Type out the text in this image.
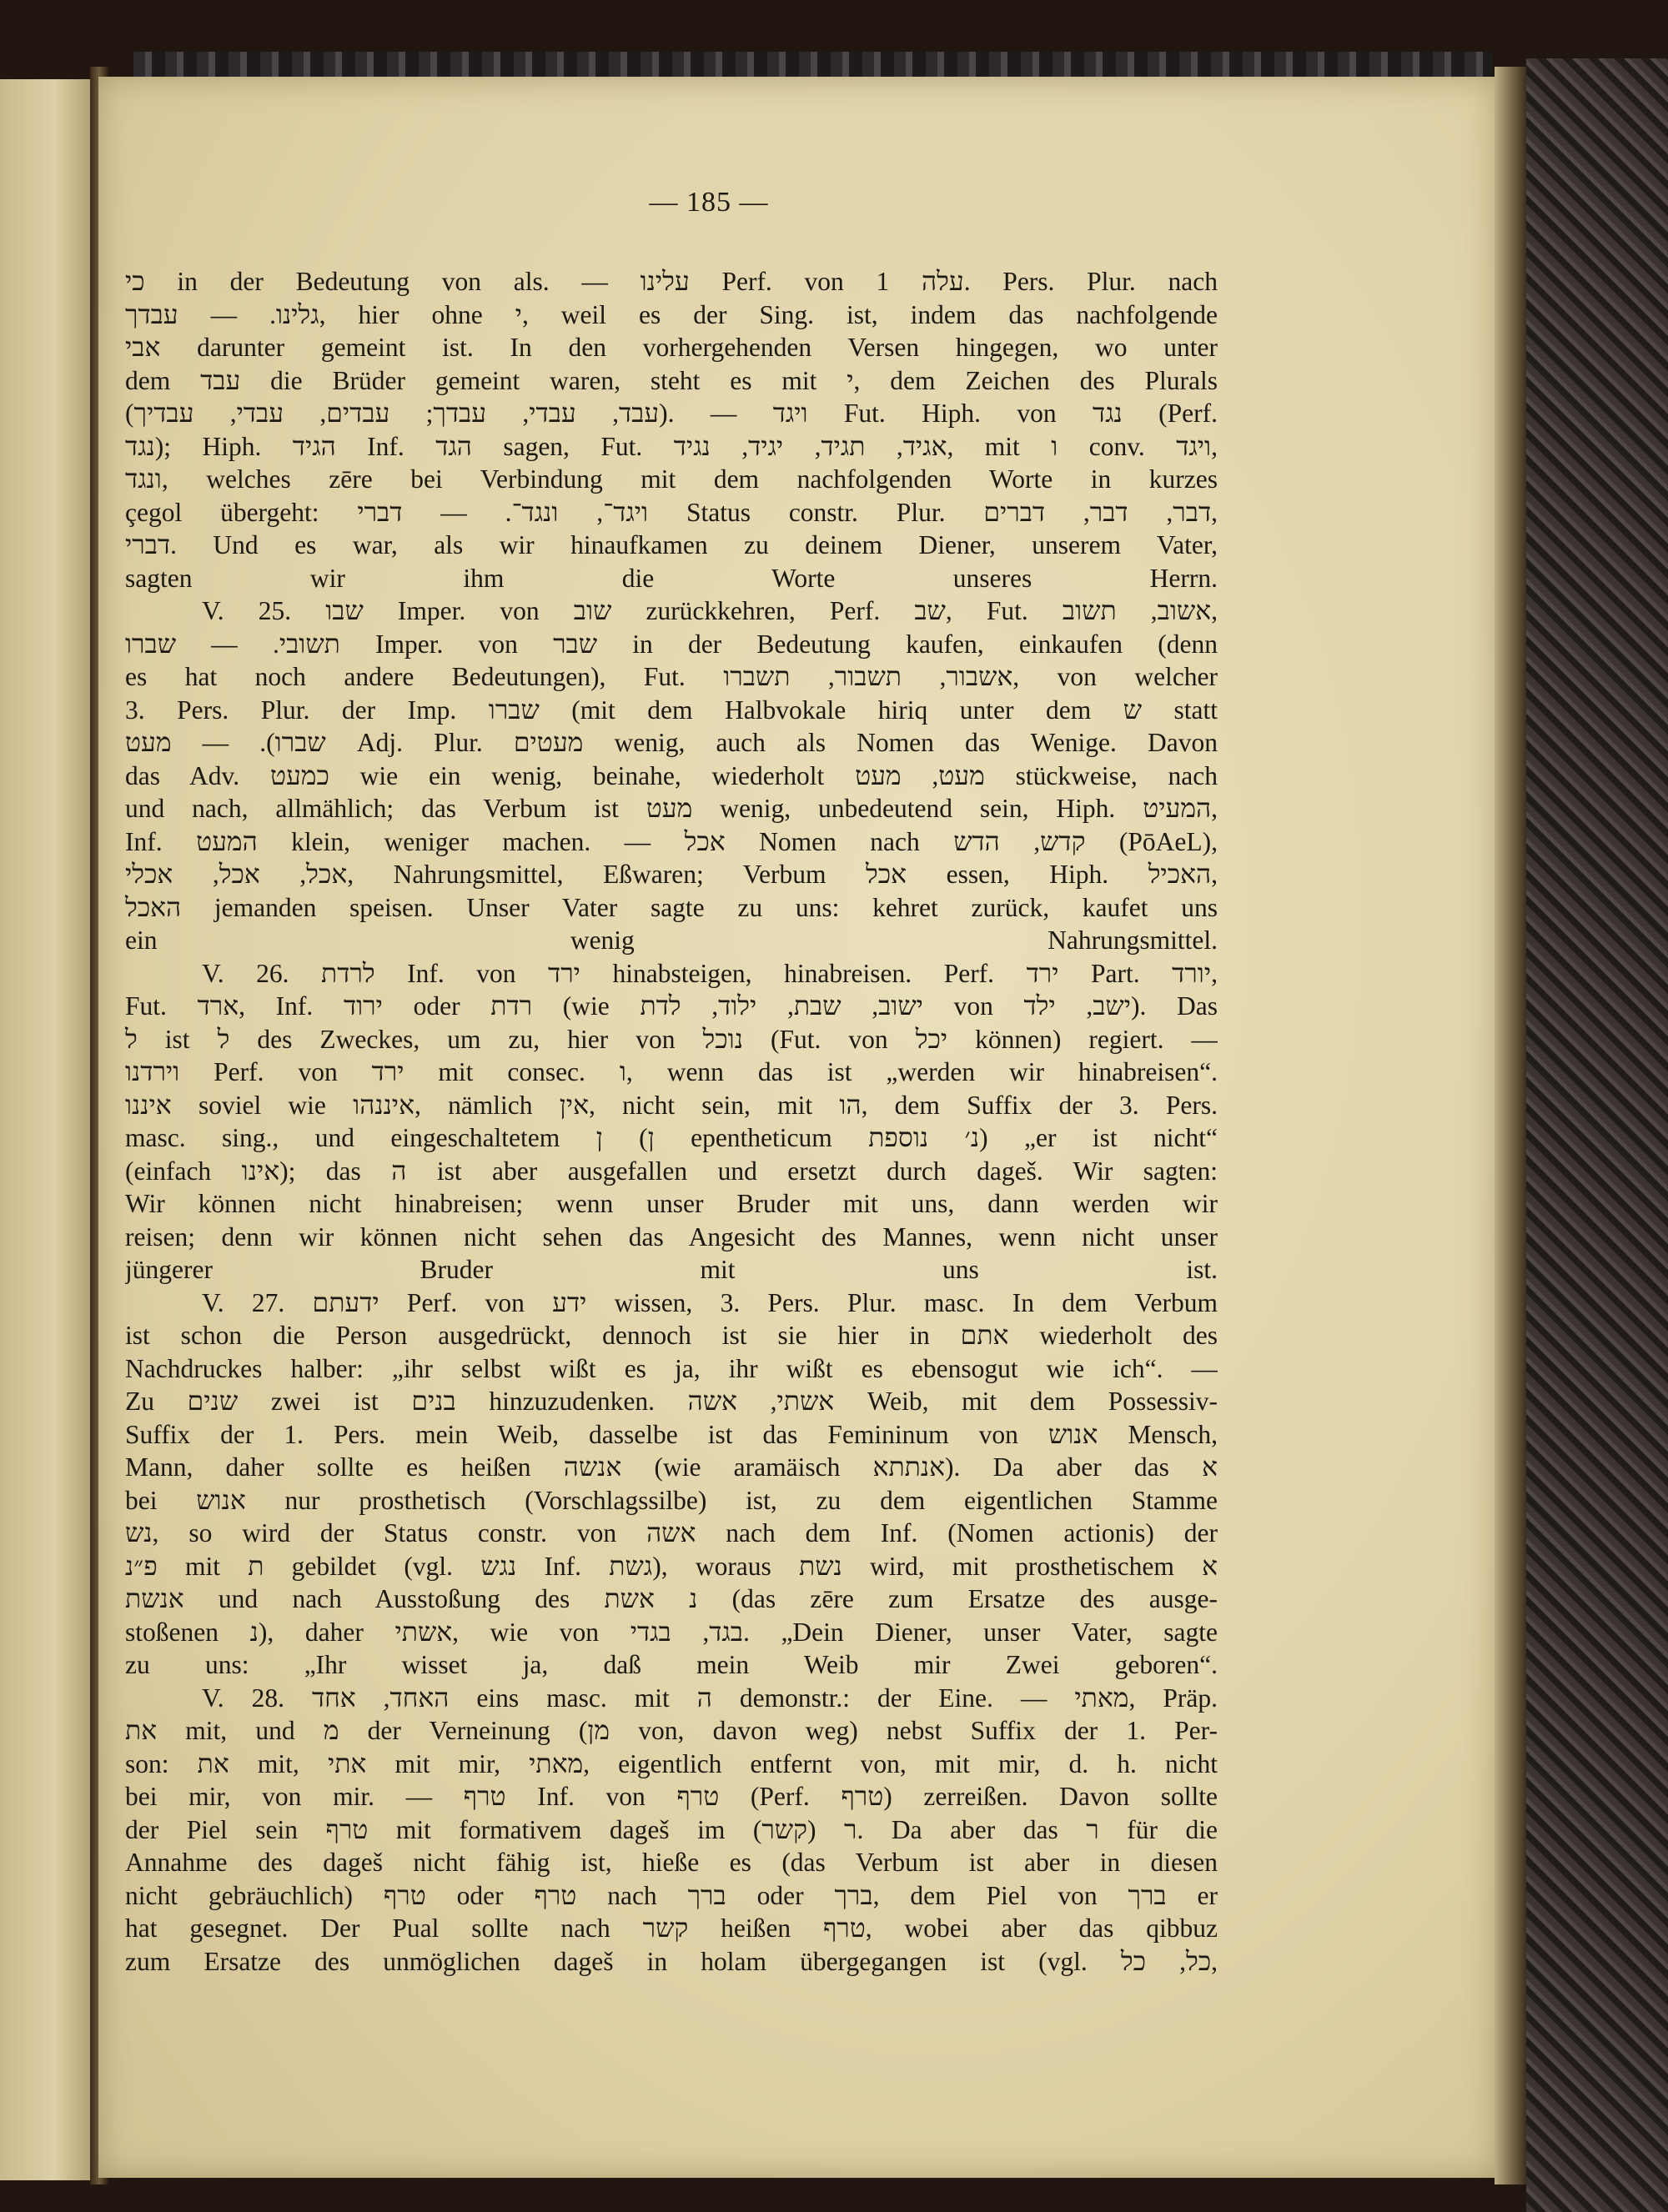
— 185 —
כי in der Bedeutung von als. — עלינו Perf. von עלה 1. Pers. Plur. nach
גלינו. — עבדך, hier ohne י, weil es der Sing. ist, indem das nachfolgende
אבי darunter gemeint ist. In den vorhergehenden Versen hingegen, wo unter
dem עבד die Brüder gemeint waren, steht es mit י, dem Zeichen des Plurals
(עבד, עבדי, עבדך; עבדים, עבדי, עבדיך). — ויגד Fut. Hiph. von נגד (Perf.
נגד); Hiph. הגיד Inf. הגד sagen, Fut. אגיד, תגיד, יגיד, נגיד, mit ו conv. ויגד,
ונגד, welches zēre bei Verbindung mit dem nachfolgenden Worte in kurzes
çegol übergeht: ויגד־, ונגד־. — דברי Status constr. Plur. דבר, דבר, דברים,
דברי. Und es war, als wir hinaufkamen zu deinem Diener, unserem Vater,
sagten wir ihm die Worte unseres Herrn.
V. 25. שבו Imper. von שוב zurückkehren, Perf. שב, Fut. אשוב, תשוב,
תשובי. — שברו Imper. von שבר in der Bedeutung kaufen, einkaufen (denn
es hat noch andere Bedeutungen), Fut. אשבור, תשבור, תשברו, von welcher
3. Pers. Plur. der Imp. שברו (mit dem Halbvokale hiriq unter dem ש statt
שברו). — מעט Adj. Plur. מעטים wenig, auch als Nomen das Wenige. Davon
das Adv. כמעט wie ein wenig, beinahe, wiederholt מעט, מעט stückweise, nach
und nach, allmählich; das Verbum ist מעט wenig, unbedeutend sein, Hiph. המעיט,
Inf. המעט klein, weniger machen. — אכל Nomen nach קדש, הדש (PōAeL),
אכל, אכל, אכלי, Nahrungsmittel, Eßwaren; Verbum אכל essen, Hiph. האכיל,
האכל jemanden speisen. Unser Vater sagte zu uns: kehret zurück, kaufet uns
ein wenig Nahrungsmittel.
V. 26. לרדת Inf. von ירד hinabsteigen, hinabreisen. Perf. ירד Part. יורד,
Fut. ארד, Inf. ירוד oder רדת (wie ישוב, שבת, ילוד, לדת von ישב, ילד). Das
ל ist ל des Zweckes, um zu, hier von נוכל (Fut. von יכל können) regiert. —
וירדנו Perf. von ירד mit consec. ו, wenn das ist „werden wir hinabreisen“.
איננו soviel wie איננהו, nämlich אין, nicht sein, mit הו, dem Suffix der 3. Pers.
masc. sing., und eingeschaltetem ן (ן epentheticum נ׳ נוספת) „er ist nicht“
(einfach אינו); das ה ist aber ausgefallen und ersetzt durch dageš. Wir sagten:
Wir können nicht hinabreisen; wenn unser Bruder mit uns, dann werden wir
reisen; denn wir können nicht sehen das Angesicht des Mannes, wenn nicht unser
jüngerer Bruder mit uns ist.
V. 27. ידעתם Perf. von ידע wissen, 3. Pers. Plur. masc. In dem Verbum
ist schon die Person ausgedrückt, dennoch ist sie hier in אתם wiederholt des
Nachdruckes halber: „ihr selbst wißt es ja, ihr wißt es ebensogut wie ich“. —
Zu שנים zwei ist בנים hinzuzudenken. אשתי, אשה Weib, mit dem Possessiv-
Suffix der 1. Pers. mein Weib, dasselbe ist das Femininum von אנוש Mensch,
Mann, daher sollte es heißen אנשה (wie aramäisch אנתתא). Da aber das א
bei אנוש nur prosthetisch (Vorschlagssilbe) ist, zu dem eigentlichen Stamme
נש, so wird der Status constr. von אשה nach dem Inf. (Nomen actionis) der
פ״נ mit ת gebildet (vgl. נגש Inf. גשת), woraus נשת wird, mit prosthetischem א
אנשת und nach Ausstoßung des נ אשת (das zēre zum Ersatze des ausge-
stoßenen נ), daher אשתי, wie von בגד, בגדי. „Dein Diener, unser Vater, sagte
zu uns: „Ihr wisset ja, daß mein Weib mir Zwei geboren“.
V. 28. האחד, אחד eins masc. mit ה demonstr.: der Eine. — מאתי, Präp.
את mit, und מ der Verneinung (מן von, davon weg) nebst Suffix der 1. Per-
son: את mit, אתי mit mir, מאתי, eigentlich entfernt von, mit mir, d. h. nicht
bei mir, von mir. — טרף Inf. von טרף (Perf. טרף) zerreißen. Davon sollte
der Piel sein טרף mit formativem dageš im ר (קשר). Da aber das ר für die
Annahme des dageš nicht fähig ist, hieße es (das Verbum ist aber in diesen
nicht gebräuchlich) טרף oder טרף nach ברך oder ברך, dem Piel von ברך er
hat gesegnet. Der Pual sollte nach קשר heißen טרף, wobei aber das qibbuz
zum Ersatze des unmöglichen dageš in holam übergegangen ist (vgl. כל, כל,
